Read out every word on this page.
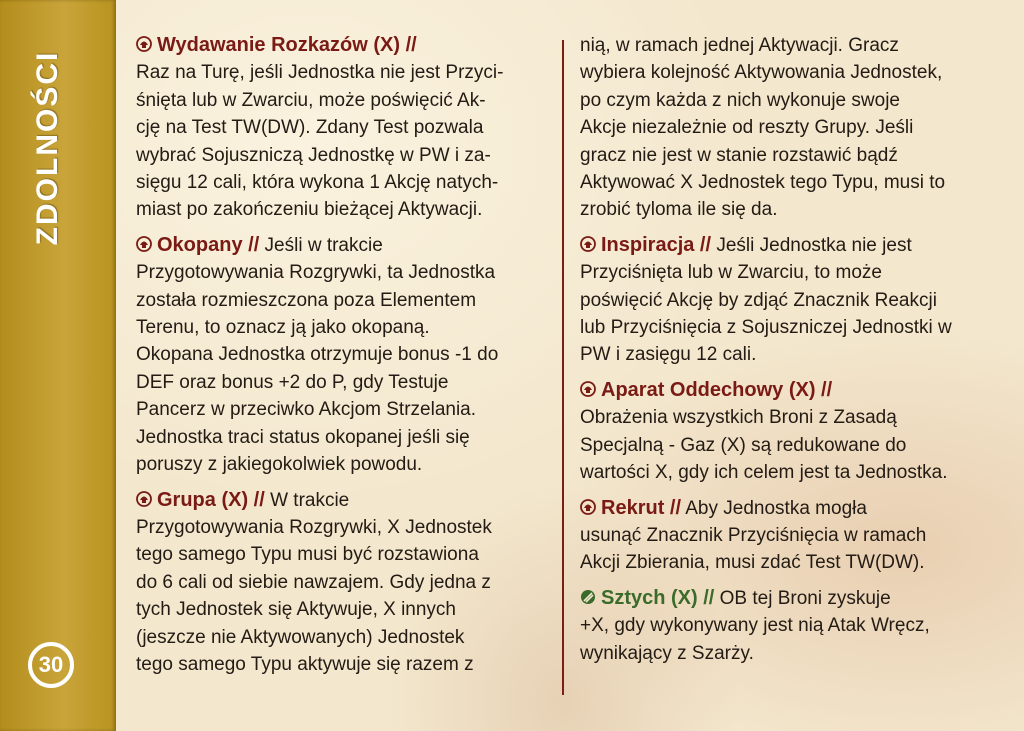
ZDOLNOŚCI
30
Wydawanie Rozkazów (X) //
Raz na Turę, jeśli Jednostka nie jest Przyci-
śnięta lub w Zwarciu, może poświęcić Ak-
cję na Test TW(DW). Zdany Test pozwala
wybrać Sojuszniczą Jednostkę w PW i za-
sięgu 12 cali, która wykona 1 Akcję natych-
miast po zakończeniu bieżącej Aktywacji.
Okopany // Jeśli w trakcie
Przygotowywania Rozgrywki, ta Jednostka
została rozmieszczona poza Elementem
Terenu, to oznacz ją jako okopaną.
Okopana Jednostka otrzymuje bonus -1 do
DEF oraz bonus +2 do P, gdy Testuje
Pancerz w przeciwko Akcjom Strzelania.
Jednostka traci status okopanej jeśli się
poruszy z jakiegokolwiek powodu.
Grupa (X) // W trakcie
Przygotowywania Rozgrywki, X Jednostek
tego samego Typu musi być rozstawiona
do 6 cali od siebie nawzajem. Gdy jedna z
tych Jednostek się Aktywuje, X innych
(jeszcze nie Aktywowanych) Jednostek
tego samego Typu aktywuje się razem z
nią, w ramach jednej Aktywacji. Gracz
wybiera kolejność Aktywowania Jednostek,
po czym każda z nich wykonuje swoje
Akcje niezależnie od reszty Grupy. Jeśli
gracz nie jest w stanie rozstawić bądź
Aktywować X Jednostek tego Typu, musi to
zrobić tyloma ile się da.
Inspiracja // Jeśli Jednostka nie jest
Przyciśnięta lub w Zwarciu, to może
poświęcić Akcję by zdjąć Znacznik Reakcji
lub Przyciśnięcia z Sojuszniczej Jednostki w
PW i zasięgu 12 cali.
Aparat Oddechowy (X) //
Obrażenia wszystkich Broni z Zasadą
Specjalną - Gaz (X) są redukowane do
wartości X, gdy ich celem jest ta Jednostka.
Rekrut // Aby Jednostka mogła
usunąć Znacznik Przyciśnięcia w ramach
Akcji Zbierania, musi zdać Test TW(DW).
Sztych (X) // OB tej Broni zyskuje
+X, gdy wykonywany jest nią Atak Wręcz,
wynikający z Szarży.
